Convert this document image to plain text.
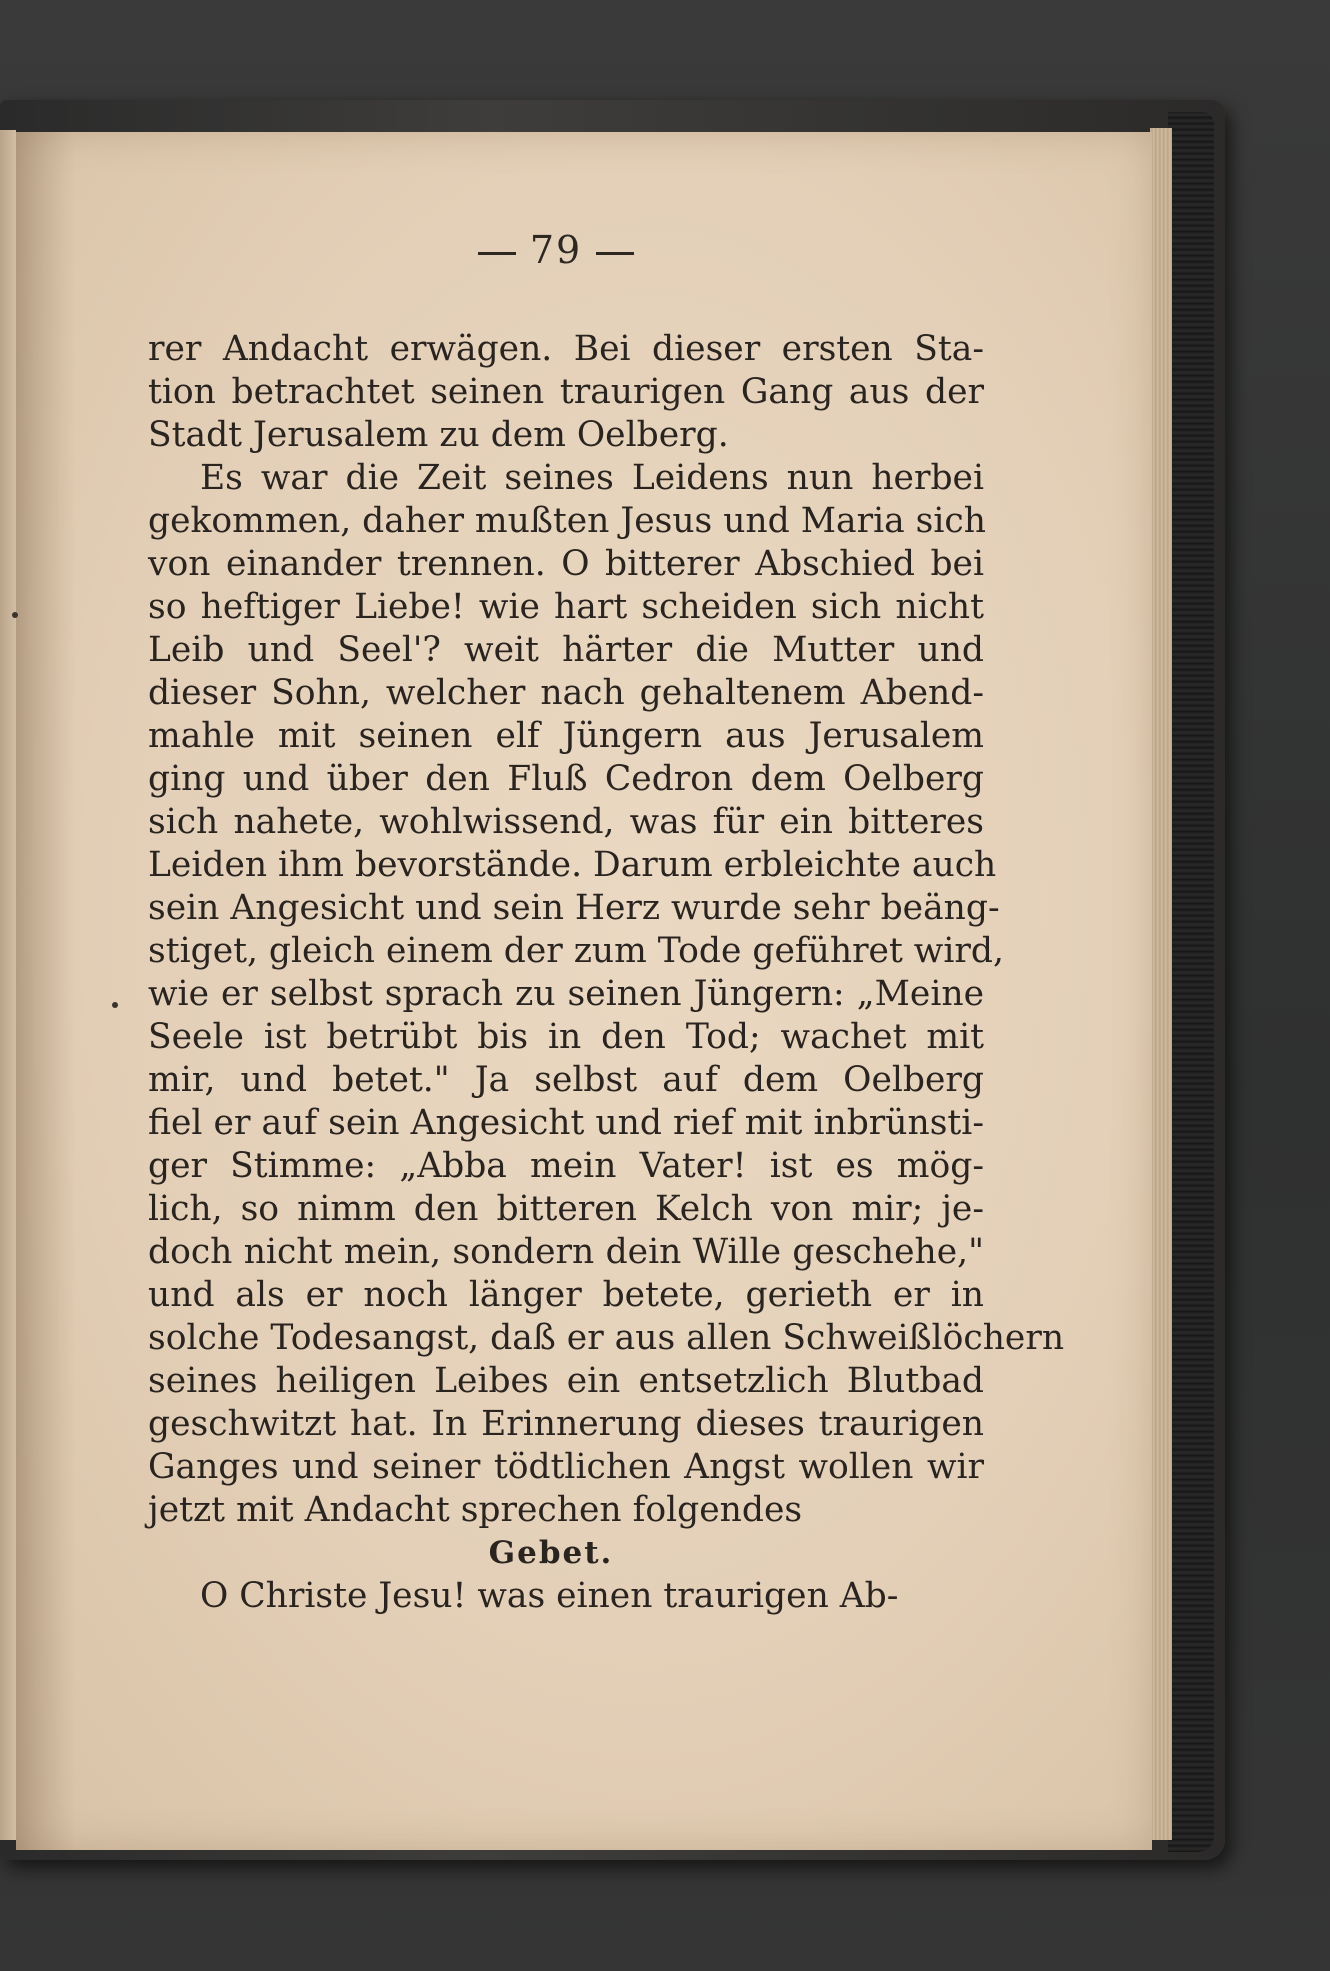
79
rer Andacht erwägen. Bei dieser ersten Sta-
tion betrachtet seinen traurigen Gang aus der
Stadt Jerusalem zu dem Oelberg.
Es war die Zeit seines Leidens nun herbei
gekommen, daher mußten Jesus und Maria sich
von einander trennen. O bitterer Abschied bei
so heftiger Liebe! wie hart scheiden sich nicht
Leib und Seel'? weit härter die Mutter und
dieser Sohn, welcher nach gehaltenem Abend-
mahle mit seinen elf Jüngern aus Jerusalem
ging und über den Fluß Cedron dem Oelberg
sich nahete, wohlwissend, was für ein bitteres
Leiden ihm bevorstände. Darum erbleichte auch
sein Angesicht und sein Herz wurde sehr beäng-
stiget, gleich einem der zum Tode geführet wird,
wie er selbst sprach zu seinen Jüngern: „Meine
Seele ist betrübt bis in den Tod; wachet mit
mir, und betet." Ja selbst auf dem Oelberg
fiel er auf sein Angesicht und rief mit inbrünsti-
ger Stimme: „Abba mein Vater! ist es mög-
lich, so nimm den bitteren Kelch von mir; je-
doch nicht mein, sondern dein Wille geschehe,"
und als er noch länger betete, gerieth er in
solche Todesangst, daß er aus allen Schweißlöchern
seines heiligen Leibes ein entsetzlich Blutbad
geschwitzt hat. In Erinnerung dieses traurigen
Ganges und seiner tödtlichen Angst wollen wir
jetzt mit Andacht sprechen folgendes
Gebet.
O Christe Jesu! was einen traurigen Ab-
